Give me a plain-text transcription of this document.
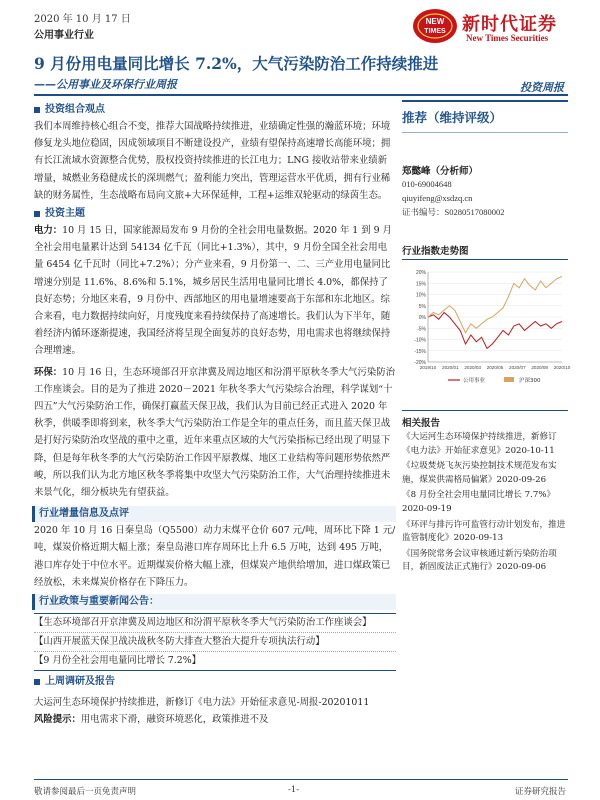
2020 年 10 月 17 日
公用事业行业
NEW
TIMES 新时代证券
New Times Securities
9 月份用电量同比增长 7.2%，大气污染防治工作持续推进
——公用事业及环保行业周报	投资周报
投资组合观点
我们本周维持核心组合不变，推荐大国战略持续推进，业绩确定性强的瀚蓝环境；环境修复龙头地位稳固，因成领域项目不断建设投产，业绩有望保持高速增长高能环境；拥有长江流域水资源整合优势，股权投资持续推进的长江电力；LNG 接收站带来业绩新增量，城燃业务稳健成长的深圳燃气；盈利能力突出，管理运营水平优质，拥有行业稀缺的财务属性，生态战略布局向文旅+大环保延伸，工程+运维双轮驱动的绿茵生态。
投资主题
电力：10 月 15 日，国家能源局发布 9 月份的全社会用电量数据。2020 年 1 到 9 月全社会用电量累计达到 54134 亿千瓦（同比+1.3%），其中，9 月份全国全社会用电量 6454 亿千瓦时（同比+7.2%）；分产业来看，9 月份第一、二、三产业用电量同比增速分别是 11.6%、8.6%和 5.1%，城乡居民生活用电量同比增长 4.0%，都保持了良好态势；分地区来看，9 月份中、西部地区的用电量增速要高于东部和东北地区。综合来看，电力数据持续向好，月度残度来看持续保持了高速增长。我们认为下半年，随着经济内循环逐渐提速，我国经济将呈现全面复苏的良好态势，用电需求也将继续保持合理增速。
环保：10 月 16 日，生态环境部召开京津冀及周边地区和汾渭平原秋冬季大气污染防治工作座谈会。目的是为了推进 2020－2021 年秋冬季大气污染综合治理，科学谋划“十四五”大气污染防治工作，确保打赢蓝天保卫战，我们认为目前已经正式进入 2020 年秋季，供暖季即将到来，秋冬季大气污染防治工作是全年的重点任务，而且蓝天保卫战是打好污染防治攻坚战的重中之重，近年来重点区域的大气污染指标已经出现了明显下降，但是每年秋冬季的大气污染防治工作因平原教煤、地区工业结构等问题形势依然严峻，所以我们认为北方地区秋冬季将集中攻坚大气污染防治工作，大气治理持续推进未来景气化，细分板块先有望获益。
行业增量信息及点评
2020 年 10 月 16 日秦皇岛（Q5500）动力末煤平仓价 607 元/吨，周环比下降 1 元/吨，煤炭价格近期大幅上涨；秦皇岛港口库存周环比上升 6.5 万吨，达到 495 万吨，港口库存处于中位水平。近期煤炭价格大幅上涨，但煤炭产地供给增加，进口煤政策已经放松，未来煤炭价格存在下降压力。
行业政策与重要新闻公告：
【生态环境部召开京津冀及周边地区和汾渭平原秋冬季大气污染防治工作座谈会】
【山西开展蓝天保卫战决战秋冬防大排查大整治大提升专项执法行动】
【9 月份全社会用电量同比增长 7.2%】
上周调研及报告
大运河生态环境保护持续推进，新修订《电力法》开始征求意见-周报-20201011
风险提示：用电需求下滑，融资环境恶化，政策推进不及
推荐（维持评级）
郑懿峰（分析师）
010-69004648
qiuyifeng@xsdzq.cn
证书编号：S0280517080002
行业指数走势图
20%
15%
10%
5%
0%
-5%
-10%
-15%
-20%
2019/10 2020/01 2020/03 2020/05 2020/07 2020/08 2020/10
公用事业	沪深300
相关报告
《大运河生态环境保护持续推进，新修订《电力法》开始征求意见》2020-10-11
《垃圾焚烧飞灰污染控制技术规范发布实施，煤炭供需格局偏紧》2020-09-26
《8 月份全社会用电量同比增长 7.7%》2020-09-19
《环评与排污许可监管行动计划发布，推进监管制度化》2020-09-13
《国务院常务会议审核通过新污染防治项目，新固废法正式施行》2020-09-06
敬请参阅最后一页免责声明	-1-	证券研究报告
